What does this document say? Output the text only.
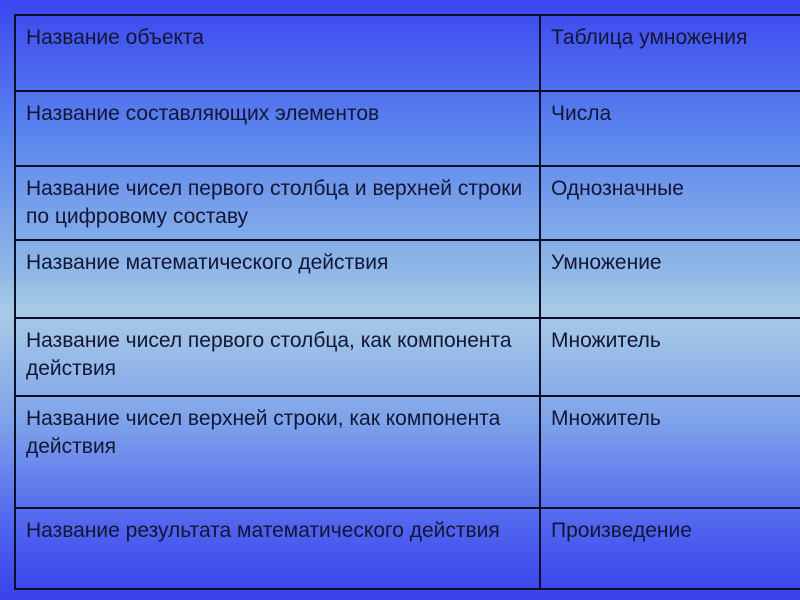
Название объекта	Таблица умножения
Название составляющих элементов	Числа
Название чисел первого столбца и верхней строки по цифровому составу	Однозначные
Название математического действия	Умножение
Название чисел первого столбца, как компонента действия	Множитель
Название чисел верхней строки, как компонента действия	Множитель
Название результата математического действия	Произведение
